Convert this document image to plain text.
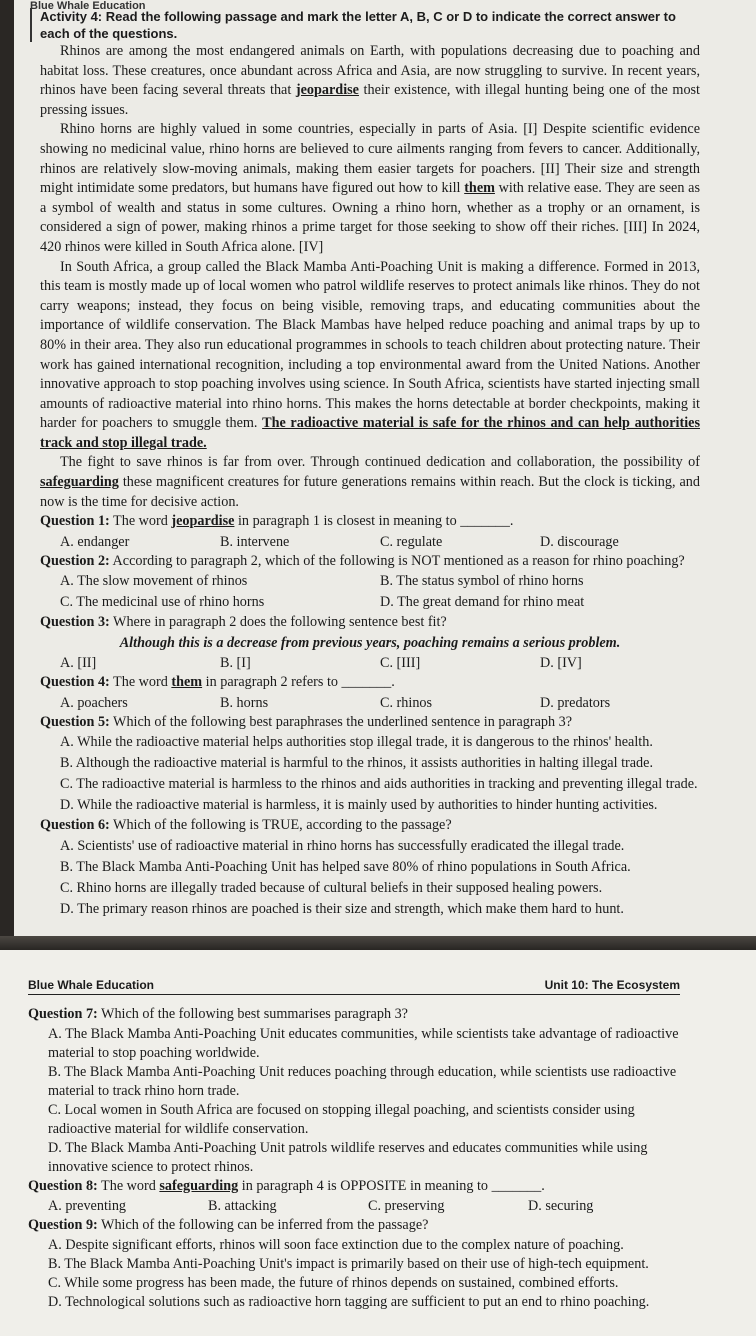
Blue Whale Education
Activity 4: Read the following passage and mark the letter A, B, C or D to indicate the correct answer to each of the questions.

Rhinos are among the most endangered animals on Earth, with populations decreasing due to poaching and habitat loss. These creatures, once abundant across Africa and Asia, are now struggling to survive. In recent years, rhinos have been facing several threats that jeopardise their existence, with illegal hunting being one of the most pressing issues.

Rhino horns are highly valued in some countries, especially in parts of Asia. [I] Despite scientific evidence showing no medicinal value, rhino horns are believed to cure ailments ranging from fevers to cancer. Additionally, rhinos are relatively slow-moving animals, making them easier targets for poachers. [II] Their size and strength might intimidate some predators, but humans have figured out how to kill them with relative ease. They are seen as a symbol of wealth and status in some cultures. Owning a rhino horn, whether as a trophy or an ornament, is considered a sign of power, making rhinos a prime target for those seeking to show off their riches. [III] In 2024, 420 rhinos were killed in South Africa alone. [IV]

In South Africa, a group called the Black Mamba Anti-Poaching Unit is making a difference. Formed in 2013, this team is mostly made up of local women who patrol wildlife reserves to protect animals like rhinos. They do not carry weapons; instead, they focus on being visible, removing traps, and educating communities about the importance of wildlife conservation. The Black Mambas have helped reduce poaching and animal traps by up to 80% in their area. They also run educational programmes in schools to teach children about protecting nature. Their work has gained international recognition, including a top environmental award from the United Nations. Another innovative approach to stop poaching involves using science. In South Africa, scientists have started injecting small amounts of radioactive material into rhino horns. This makes the horns detectable at border checkpoints, making it harder for poachers to smuggle them. The radioactive material is safe for the rhinos and can help authorities track and stop illegal trade.

The fight to save rhinos is far from over. Through continued dedication and collaboration, the possibility of safeguarding these magnificent creatures for future generations remains within reach. But the clock is ticking, and now is the time for decisive action.

Question 1: The word jeopardise in paragraph 1 is closest in meaning to _______.

A. endanger	B. intervene	C. regulate	D. discourage

Question 2: According to paragraph 2, which of the following is NOT mentioned as a reason for rhino poaching?

A. The slow movement of rhinos	B. The status symbol of rhino horns
C. The medicinal use of rhino horns	D. The great demand for rhino meat

Question 3: Where in paragraph 2 does the following sentence best fit?

Although this is a decrease from previous years, poaching remains a serious problem.
A. [II]	B. [I]	C. [III]	D. [IV]

Question 4: The word them in paragraph 2 refers to _______.

A. poachers	B. horns	C. rhinos	D. predators

Question 5: Which of the following best paraphrases the underlined sentence in paragraph 3?

A. While the radioactive material helps authorities stop illegal trade, it is dangerous to the rhinos' health.
B. Although the radioactive material is harmful to the rhinos, it assists authorities in halting illegal trade.
C. The radioactive material is harmless to the rhinos and aids authorities in tracking and preventing illegal trade.
D. While the radioactive material is harmless, it is mainly used by authorities to hinder hunting activities.

Question 6: Which of the following is TRUE, according to the passage?

A. Scientists' use of radioactive material in rhino horns has successfully eradicated the illegal trade.
B. The Black Mamba Anti-Poaching Unit has helped save 80% of rhino populations in South Africa.
C. Rhino horns are illegally traded because of cultural beliefs in their supposed healing powers.
D. The primary reason rhinos are poached is their size and strength, which make them hard to hunt.
Blue Whale Education	Unit 10: The Ecosystem

Question 7: Which of the following best summarises paragraph 3?

A. The Black Mamba Anti-Poaching Unit educates communities, while scientists take advantage of radioactive material to stop poaching worldwide.
B. The Black Mamba Anti-Poaching Unit reduces poaching through education, while scientists use radioactive material to track rhino horn trade.
C. Local women in South Africa are focused on stopping illegal poaching, and scientists consider using radioactive material for wildlife conservation.
D. The Black Mamba Anti-Poaching Unit patrols wildlife reserves and educates communities while using innovative science to protect rhinos.

Question 8: The word safeguarding in paragraph 4 is OPPOSITE in meaning to _______.

A. preventing	B. attacking	C. preserving	D. securing

Question 9: Which of the following can be inferred from the passage?

A. Despite significant efforts, rhinos will soon face extinction due to the complex nature of poaching.
B. The Black Mamba Anti-Poaching Unit's impact is primarily based on their use of high-tech equipment.
C. While some progress has been made, the future of rhinos depends on sustained, combined efforts.
D. Technological solutions such as radioactive horn tagging are sufficient to put an end to rhino poaching.
